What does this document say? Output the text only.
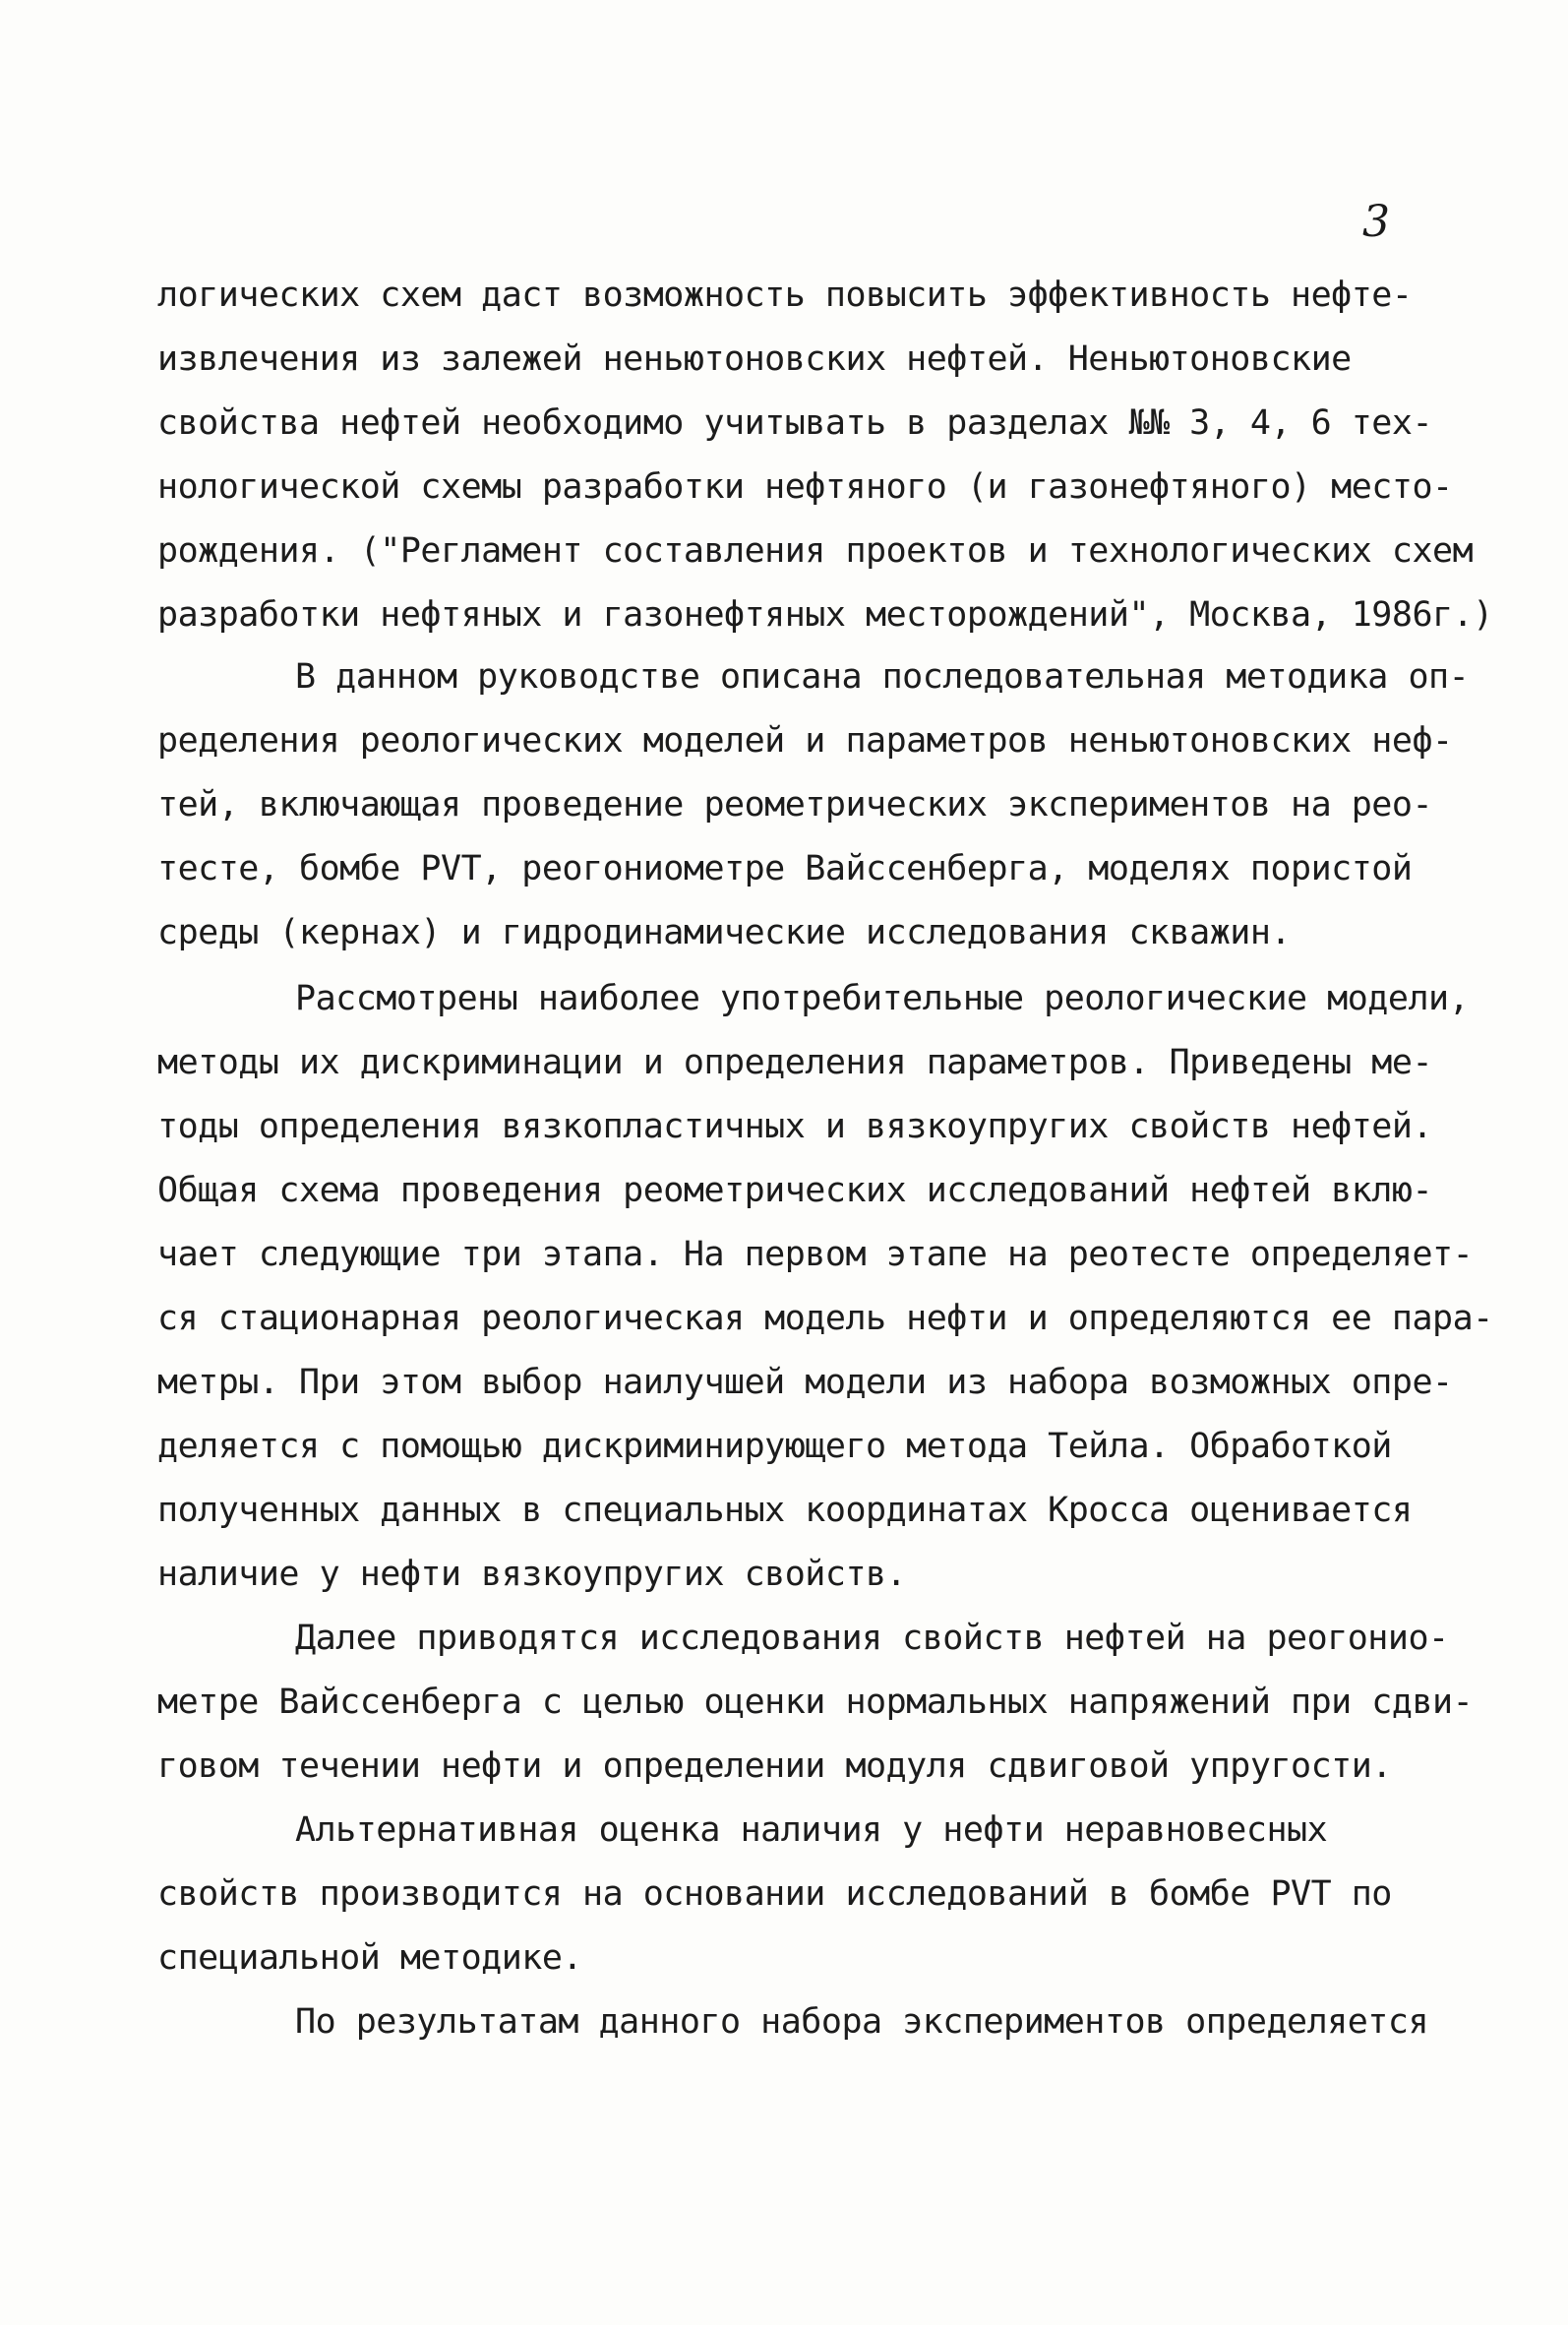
3
логических схем даст возможность повысить эффективность нефте-
извлечения из залежей неньютоновских нефтей. Неньютоновские
свойства нефтей необходимо учитывать в разделах №№ 3, 4, 6 тех-
нологической схемы разработки нефтяного (и газонефтяного) место-
рождения. ("Регламент составления проектов и технологических схем
разработки нефтяных и газонефтяных месторождений", Москва, 1986г.)
В данном руководстве описана последовательная методика оп-
ределения реологических моделей и параметров неньютоновских неф-
тей, включающая проведение реометрических экспериментов на рео-
тесте, бомбе PVT, реогониометре Вайссенберга, моделях пористой
среды (кернах) и гидродинамические исследования скважин.
Рассмотрены наиболее употребительные реологические модели,
методы их дискриминации и определения параметров. Приведены ме-
тоды определения вязкопластичных и вязкоупругих свойств нефтей.
Общая схема проведения реометрических исследований нефтей вклю-
чает следующие три этапа. На первом этапе на реотесте определяет-
ся стационарная реологическая модель нефти и определяются ее пара-
метры. При этом выбор наилучшей модели из набора возможных опре-
деляется с помощью дискриминирующего метода Тейла. Обработкой
полученных данных в специальных координатах Кросса оценивается
наличие у нефти вязкоупругих свойств.
Далее приводятся исследования свойств нефтей на реогонио-
метре Вайссенберга с целью оценки нормальных напряжений при сдви-
говом течении нефти и определении модуля сдвиговой упругости.
Альтернативная оценка наличия у нефти неравновесных
свойств производится на основании исследований в бомбе PVT по
специальной методике.
По результатам данного набора экспериментов определяется
